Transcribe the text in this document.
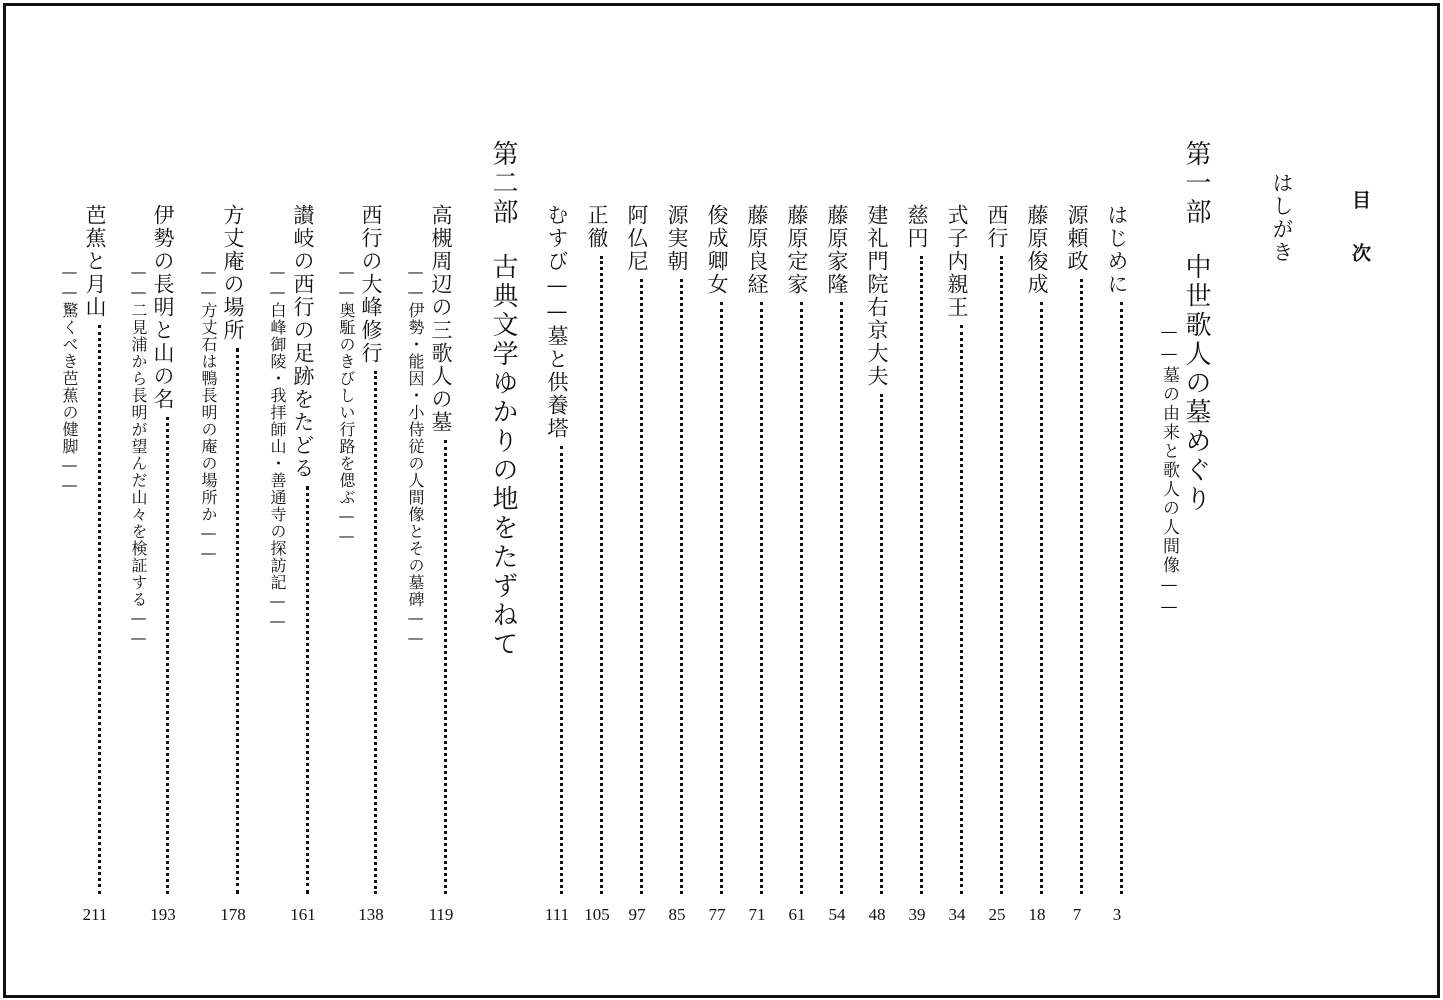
目次
はしがき
第一部中世歌人の墓めぐり
——墓の由来と歌人の人間像——
はじめに
3
源頼政
7
藤原俊成
18
西行
25
式子内親王
34
慈円
39
建礼門院右京大夫
48
藤原家隆
54
藤原定家
61
藤原良経
71
俊成卿女
77
源実朝
85
阿仏尼
97
正徹
105
むすび——墓と供養塔
111
第二部古典文学ゆかりの地をたずねて
高槻周辺の三歌人の墓
119
——伊勢・能因・小侍従の人間像とその墓碑——
西行の大峰修行
138
——奥駈のきびしい行路を偲ぶ——
讃岐の西行の足跡をたどる
161
——白峰御陵・我拝師山・善通寺の探訪記——
方丈庵の場所
178
——方丈石は鴨長明の庵の場所か——
伊勢の長明と山の名
193
——二見浦から長明が望んだ山々を検証する——
芭蕉と月山
211
——驚くべき芭蕉の健脚——
